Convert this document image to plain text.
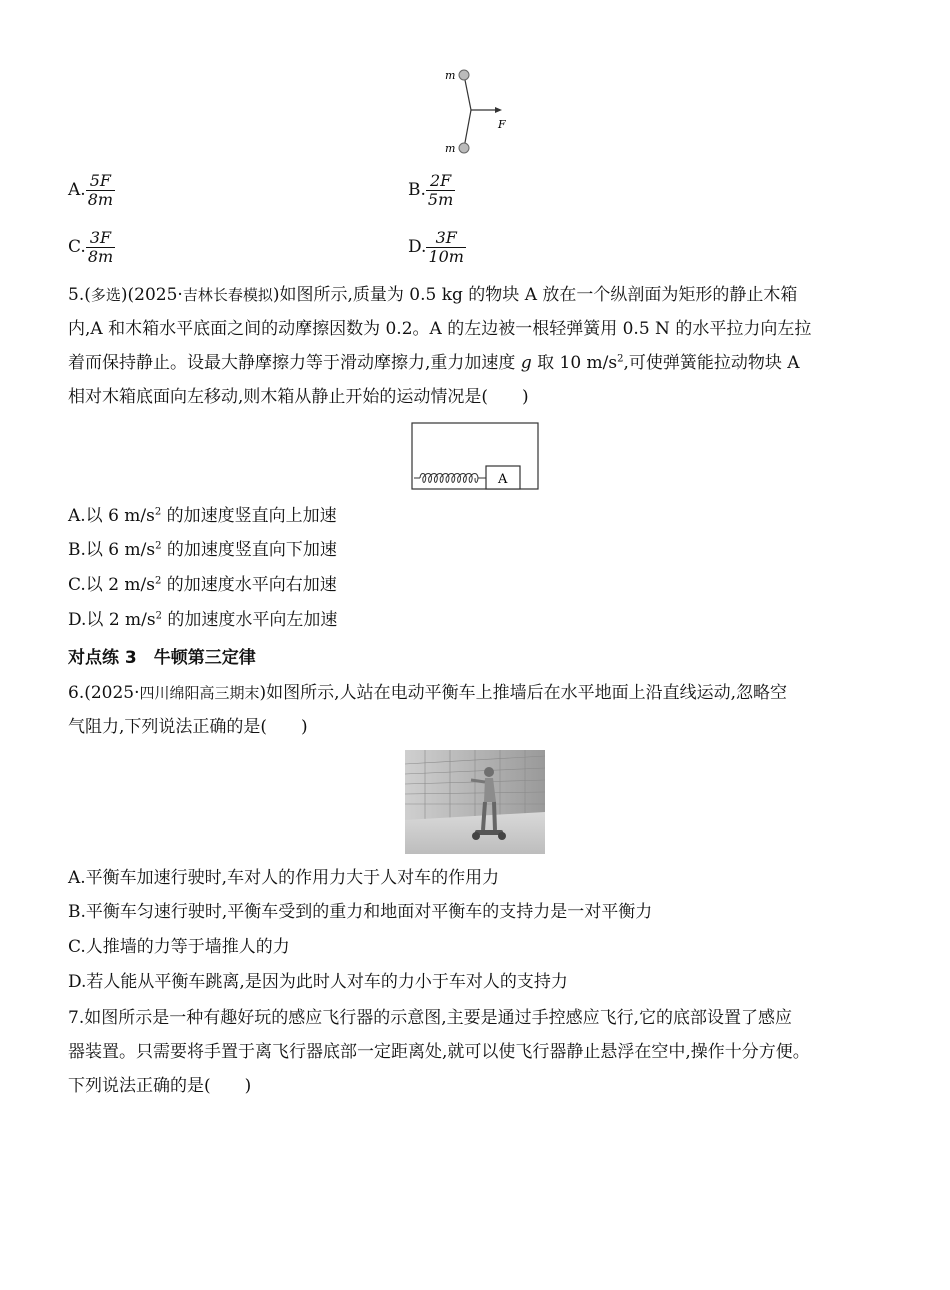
m
m
F
A. $\frac{5F}{8m}$	B. $\frac{2F}{5m}$
C. $\frac{3F}{8m}$	D. $\frac{3F}{10m}$
5.(多选)(2025·吉林长春模拟)如图所示,质量为 0.5 kg 的物块 A 放在一个纵剖面为矩形的静止木箱
内,A 和木箱水平底面之间的动摩擦因数为 0.2。A 的左边被一根轻弹簧用 0.5 N 的水平拉力向左拉
着而保持静止。设最大静摩擦力等于滑动摩擦力,重力加速度 g 取 10 $m/s^2$,可使弹簧能拉动物块 A
相对木箱底面向左移动,则木箱从静止开始的运动情况是(　　)
A
A.以 6 $m/s^2$ 的加速度竖直向上加速
B.以 6 $m/s^2$ 的加速度竖直向下加速
C.以 2 $m/s^2$ 的加速度水平向右加速
D.以 2 $m/s^2$ 的加速度水平向左加速
对点练 3　牛顿第三定律
6.(2025·四川绵阳高三期末)如图所示,人站在电动平衡车上推墙后在水平地面上沿直线运动,忽略空
气阻力,下列说法正确的是(　　)
A.平衡车加速行驶时,车对人的作用力大于人对车的作用力
B.平衡车匀速行驶时,平衡车受到的重力和地面对平衡车的支持力是一对平衡力
C.人推墙的力等于墙推人的力
D.若人能从平衡车跳离,是因为此时人对车的力小于车对人的支持力
7.如图所示是一种有趣好玩的感应飞行器的示意图,主要是通过手控感应飞行,它的底部设置了感应
器装置。只需要将手置于离飞行器底部一定距离处,就可以使飞行器静止悬浮在空中,操作十分方便。
下列说法正确的是(　　)
